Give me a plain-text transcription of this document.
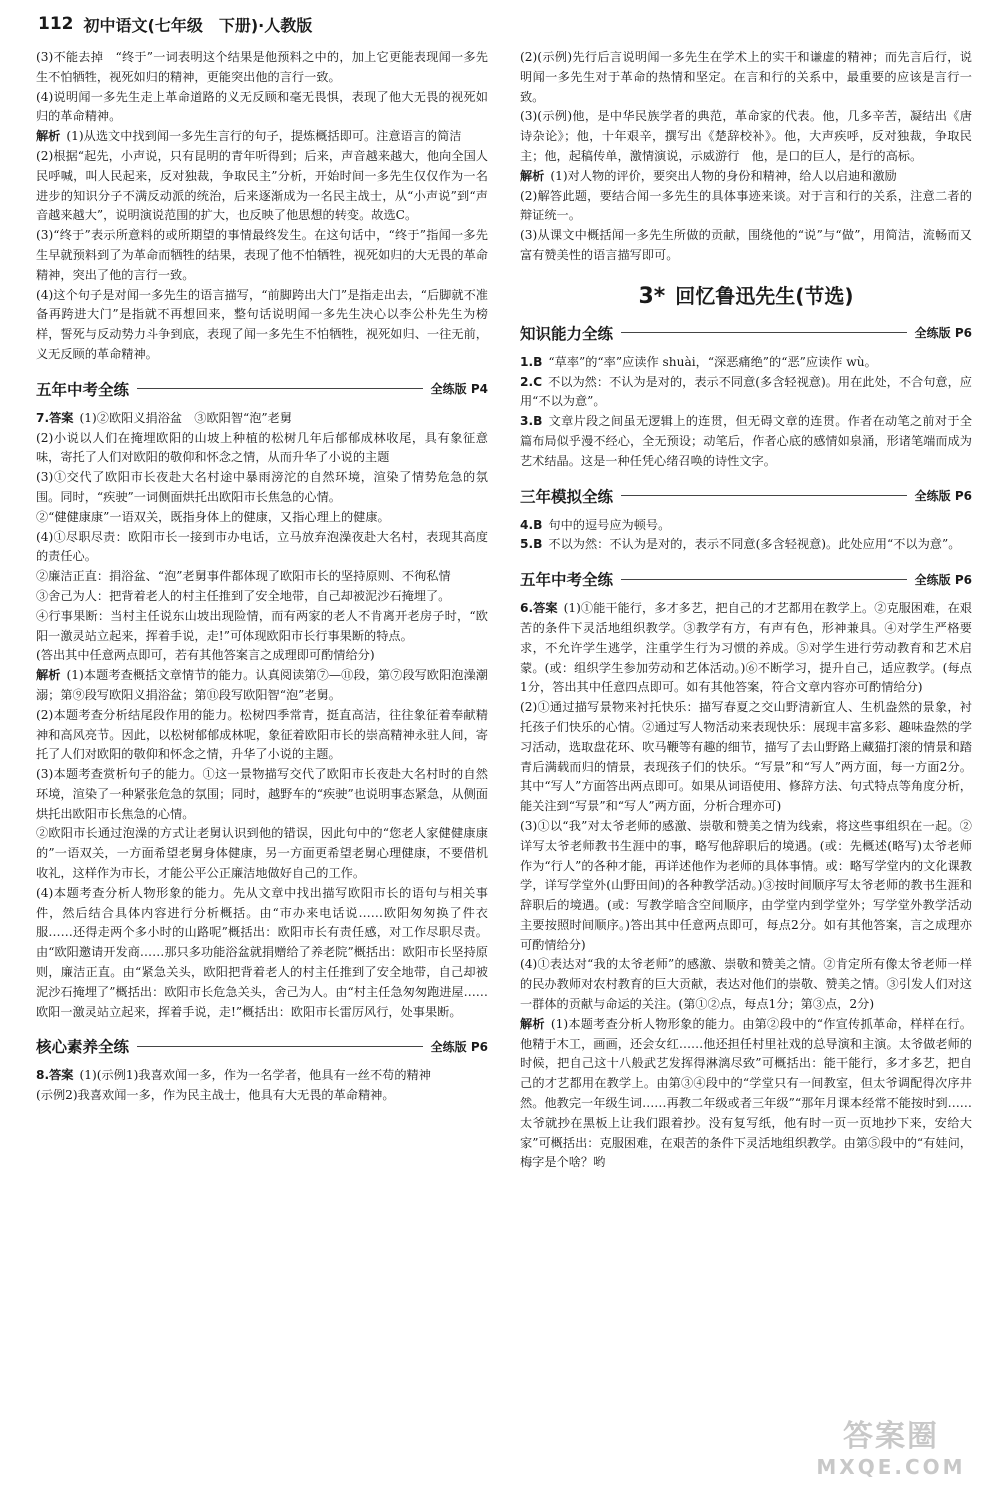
112 初中语文(七年级　下册)·人教版

(3)不能去掉　“终于”一词表明这个结果是他预料之中的，加上它更能表现闻一多先生不怕牺牲，视死如归的精神，更能突出他的言行一致。

(4)说明闻一多先生走上革命道路的义无反顾和毫无畏惧，表现了他大无畏的视死如归的革命精神。

解析 (1)从选文中找到闻一多先生言行的句子，提炼概括即可。注意语言的简洁

(2)根据“起先，小声说，只有昆明的青年听得到；后来，声音越来越大，他向全国人民呼喊，叫人民起来，反对独裁，争取民主”分析，开始时间一多先生仅仅作为一名进步的知识分子不满反动派的统治，后来逐渐成为一名民主战士，从“小声说”到“声音越来越大”，说明演说范围的扩大，也反映了他思想的转变。故选C。

(3)“终于”表示所意料的或所期望的事情最终发生。在这句话中，“终于”指闻一多先生早就预料到了为革命而牺牲的结果，表现了他不怕牺牲，视死如归的大无畏的革命精神，突出了他的言行一致。

(4)这个句子是对闻一多先生的语言描写，“前脚跨出大门”是指走出去，“后脚就不准备再跨进大门”是指就不再想回来，整句话说明闻一多先生决心以李公朴先生为榜样，誓死与反动势力斗争到底，表现了闻一多先生不怕牺牲，视死如归、一往无前，义无反顾的革命精神。

五年中考全练	全练版 P4

7.答案 (1)②欧阳义捐浴盆　③欧阳智“泡”老舅

(2)小说以人们在掩埋欧阳的山坡上种植的松树几年后郁郁成林收尾，具有象征意味，寄托了人们对欧阳的敬仰和怀念之情，从而升华了小说的主题

(3)①交代了欧阳市长夜赴大名村途中暴雨滂沱的自然环境，渲染了情势危急的氛围。同时，“疾驶”一词侧面烘托出欧阳市长焦急的心情。

②“健健康康”一语双关，既指身体上的健康，又指心理上的健康。

(4)①尽职尽责：欧阳市长一接到市办电话，立马放弃泡澡夜赴大名村，表现其高度的责任心。

②廉洁正直：捐浴盆、“泡”老舅事件都体现了欧阳市长的坚持原则、不徇私情

③舍己为人：把背着老人的村主任推到了安全地带，自己却被泥沙石掩埋了。

④行事果断：当村主任说东山坡出现险情，而有两家的老人不肯离开老房子时，“欧阳一激灵站立起来，挥着手说，走!”可体现欧阳市长行事果断的特点。

(答出其中任意两点即可，若有其他答案言之成理即可酌情给分)

解析 (1)本题考查概括文章情节的能力。认真阅读第⑦—⑪段，第⑦段写欧阳泡澡潮溺；第⑨段写欧阳义捐浴盆；第⑪段写欧阳智“泡”老舅。

(2)本题考查分析结尾段作用的能力。松树四季常青，挺直高洁，往往象征着奉献精神和高风亮节。因此，以松树郁郁成林呢，象征着欧阳市长的崇高精神永驻人间，寄托了人们对欧阳的敬仰和怀念之情，升华了小说的主题。

(3)本题考查赏析句子的能力。①这一景物描写交代了欧阳市长夜赴大名村时的自然环境，渲染了一种紧张危急的氛围；同时，越野车的“疾驶”也说明事态紧急，从侧面烘托出欧阳市长焦急的心情。

②欧阳市长通过泡澡的方式让老舅认识到他的错误，因此句中的“您老人家健健康康的”一语双关，一方面希望老舅身体健康，另一方面更希望老舅心理健康，不要借机收礼，这样作为市长，才能公平公正廉洁地做好自己的工作。

(4)本题考查分析人物形象的能力。先从文章中找出描写欧阳市长的语句与相关事件，然后结合具体内容进行分析概括。由“市办来电话说……欧阳匆匆换了件衣服……还得走两个多小时的山路呢”概括出：欧阳市长有责任感，对工作尽职尽责。由“欧阳邀请开发商……那只多功能浴盆就捐赠给了养老院”概括出：欧阳市长坚持原则，廉洁正直。由“紧急关头，欧阳把背着老人的村主任推到了安全地带，自己却被泥沙石掩埋了”概括出：欧阳市长危急关头，舍己为人。由“村主任急匆匆跑进屋……欧阳一激灵站立起来，挥着手说，走!”概括出：欧阳市长雷厉风行，处事果断。

核心素养全练	全练版 P6

8.答案 (1)(示例1)我喜欢闻一多，作为一名学者，他具有一丝不苟的精神

(示例2)我喜欢闻一多，作为民主战士，他具有大无畏的革命精神。

(2)(示例)先行后言说明闻一多先生在学术上的实干和谦虚的精神；而先言后行，说明闻一多先生对于革命的热情和坚定。在言和行的关系中，最重要的应该是言行一致。

(3)(示例)他，是中华民族学者的典范，革命家的代表。他，几多辛苦，凝结出《唐诗杂论》；他，十年艰辛，撰写出《楚辞校补》。他，大声疾呼，反对独裁，争取民主；他，起稿传单，激情演说，示威游行　他，是口的巨人，是行的高标。

解析 (1)对人物的评价，要突出人物的身份和精神，给人以启迪和激励

(2)解答此题，要结合闻一多先生的具体事迹来谈。对于言和行的关系，注意二者的辩证统一。

(3)从课文中概括闻一多先生所做的贡献，围绕他的“说”与“做”，用简洁，流畅而又富有赞美性的语言描写即可。

3* 回忆鲁迅先生(节选)
知识能力全练	全练版 P6

1.B “草率”的“率”应读作 shuài，“深恶痛绝”的“恶”应读作 wù。

2.C 不以为然：不认为是对的，表示不同意(多含轻视意)。用在此处，不合句意，应用“不以为意”。

3.B 文章片段之间虽无逻辑上的连贯，但无碍文章的连贯。作者在动笔之前对于全篇布局似乎漫不经心，全无预设；动笔后，作者心底的感情如泉涌，形诸笔端而成为艺术结晶。这是一种任凭心绪召唤的诗性文字。

三年模拟全练	全练版 P6

4.B 句中的逗号应为顿号。

5.B 不以为然：不认为是对的，表示不同意(多含轻视意)。此处应用“不以为意”。

五年中考全练	全练版 P6

6.答案 (1)①能干能行，多才多艺，把自己的才艺都用在教学上。②克服困难，在艰苦的条件下灵活地组织教学。③教学有方，有声有色，形神兼具。④对学生严格要求，不允许学生逃学，注重学生行为习惯的养成。⑤对学生进行劳动教育和艺术启蒙。(或：组织学生参加劳动和艺体活动。)⑥不断学习，提升自己，适应教学。(每点1分，答出其中任意四点即可。如有其他答案，符合文章内容亦可酌情给分)

(2)①通过描写景物来衬托快乐：描写春夏之交山野清新宜人、生机盎然的景象，衬托孩子们快乐的心情。②通过写人物活动来表现快乐：展现丰富多彩、趣味盎然的学习活动，选取盘花环、吹马鞭等有趣的细节，描写了去山野路上藏猫打滚的情景和踏青后满载而归的情景，表现孩子们的快乐。“写景”和“写人”两方面，每一方面2分。其中“写人”方面答出两点即可。如果从词语使用、修辞方法、句式特点等角度分析，能关注到“写景”和“写人”两方面，分析合理亦可)

(3)①以“我”对太爷老师的感激、崇敬和赞美之情为线索，将这些事组织在一起。②详写太爷老师教书生涯中的事，略写他辞职后的境遇。(或：先概述(略写)太爷老师作为“行人”的各种才能，再详述他作为老师的具体事情。或：略写学堂内的文化课教学，详写学堂外(山野田间)的各种教学活动。)③按时间顺序写太爷老师的教书生涯和辞职后的境遇。(或：写教学暗含空间顺序，由学堂内到学堂外；写学堂外教学活动主要按照时间顺序。)答出其中任意两点即可，每点2分。如有其他答案，言之成理亦可酌情给分)

(4)①表达对“我的太爷老师”的感激、崇敬和赞美之情。②肯定所有像太爷老师一样的民办教师对农村教育的巨大贡献，表达对他们的崇敬、赞美之情。③引发人们对这一群体的贡献与命运的关注。(第①②点，每点1分；第③点，2分)

解析 (1)本题考查分析人物形象的能力。由第②段中的“作宣传抓革命，样样在行。他精于木工，画画，还会女红……他还担任村里社戏的总导演和主演。太爷做老师的时候，把自己这十八般武艺发挥得淋漓尽致”可概括出：能干能行，多才多艺，把自己的才艺都用在教学上。由第③④段中的“学堂只有一间教室，但太爷调配得次序井然。他教完一年级生词……再教二年级或者三年级”“那年月课本经常不能按时到……太爷就抄在黑板上让我们跟着抄。没有复写纸，他有时一页一页地抄下来，安给大家”可概括出：克服困难，在艰苦的条件下灵活地组织教学。由第⑤段中的“有娃问，梅字是个啥？哟

答案圈
MXQE.COM
